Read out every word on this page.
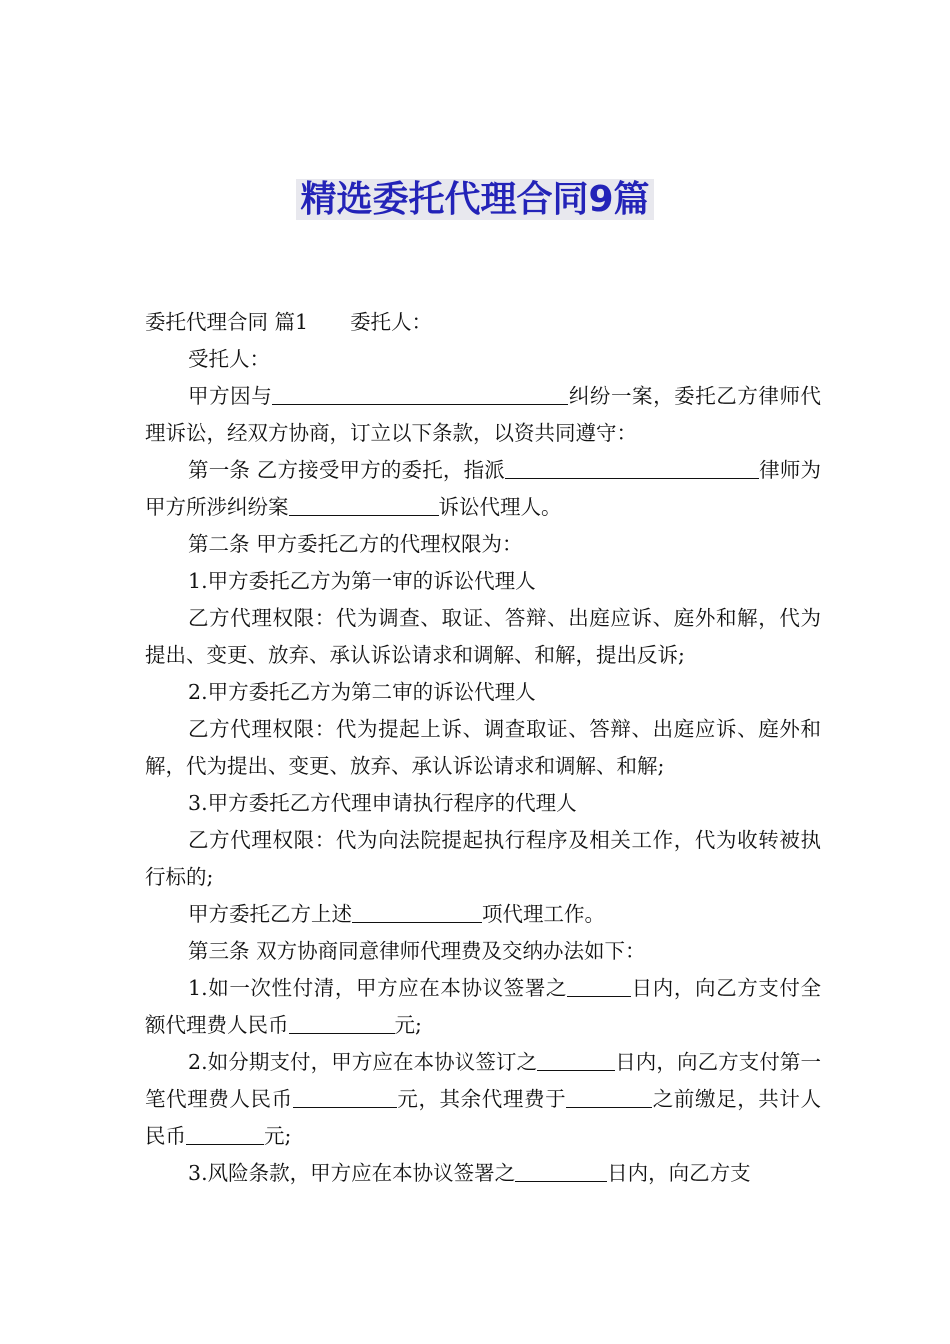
精选委托代理合同9篇

委托代理合同 篇1 委托人：

受托人：

甲方因与	纠纷一案，委托乙方律师代理诉讼，经双方协商，订立以下条款，以资共同遵守：

第一条 乙方接受甲方的委托，指派	律师为甲方所涉纠纷案	诉讼代理人。

第二条 甲方委托乙方的代理权限为：

1.甲方委托乙方为第一审的诉讼代理人

乙方代理权限：代为调查、取证、答辩、出庭应诉、庭外和解，代为提出、变更、放弃、承认诉讼请求和调解、和解，提出反诉;

2.甲方委托乙方为第二审的诉讼代理人

乙方代理权限：代为提起上诉、调查取证、答辩、出庭应诉、庭外和解，代为提出、变更、放弃、承认诉讼请求和调解、和解;

3.甲方委托乙方代理申请执行程序的代理人

乙方代理权限：代为向法院提起执行程序及相关工作，代为收转被执行标的;

甲方委托乙方上述	项代理工作。

第三条 双方协商同意律师代理费及交纳办法如下：

1.如一次性付清，甲方应在本协议签署之	日内，向乙方支付全额代理费人民币	元;

2.如分期支付，甲方应在本协议签订之	日内，向乙方支付第一笔代理费人民币	元，其余代理费于	之前缴足，共计人民币	元;

3.风险条款，甲方应在本协议签署之	日内，向乙方支
